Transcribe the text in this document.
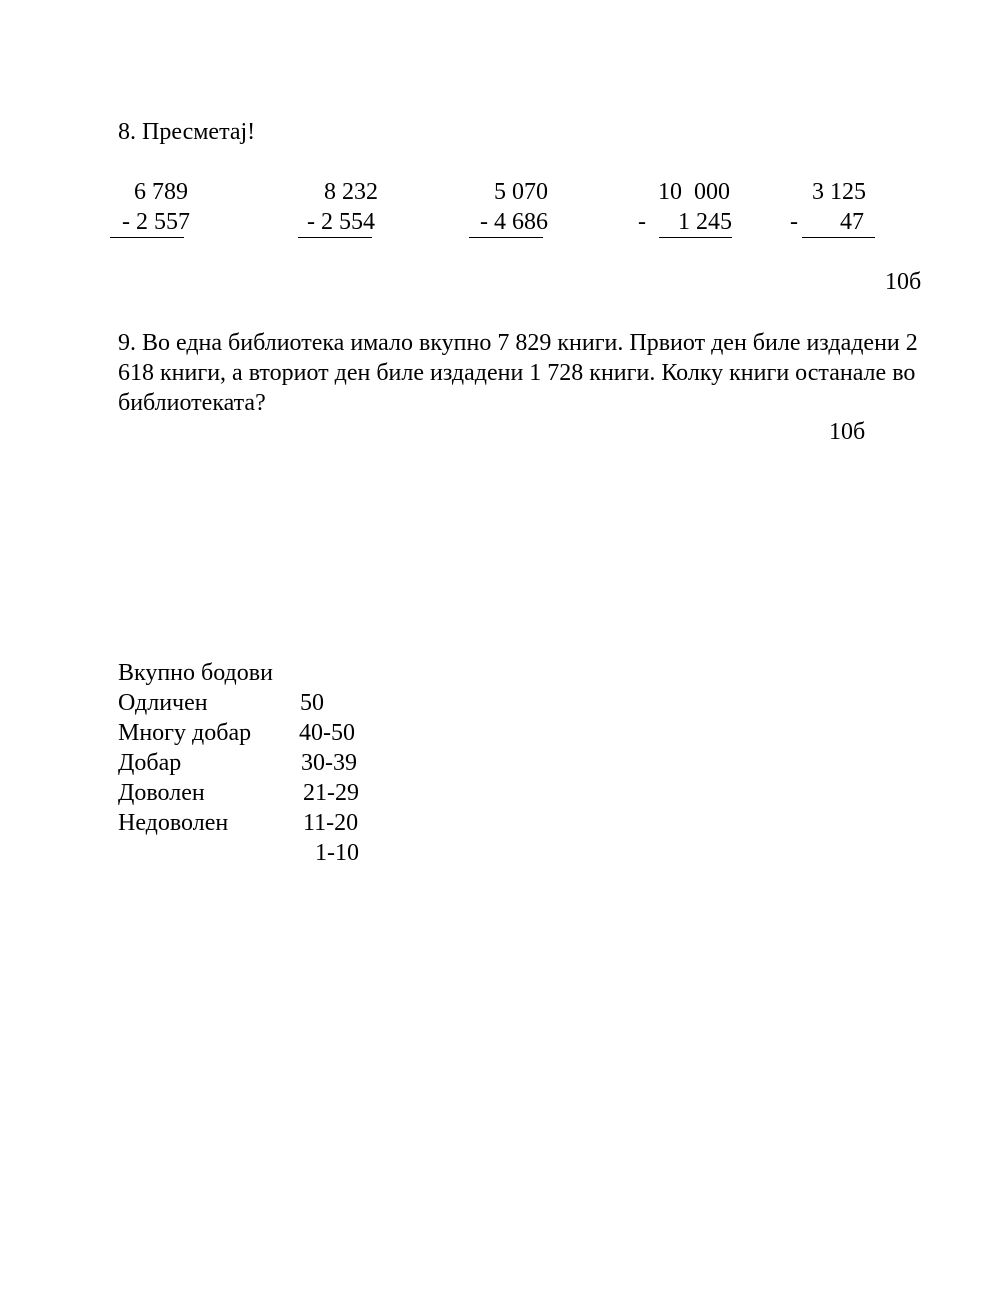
8. Пресметај!
6 789
- 2 557
8 232
- 2 554
5 070
- 4 686
10  000
-	1 245
3 125
-	47
10б
9. Во една библиотека имало вкупно 7 829 книги. Првиот ден биле издадени 2 618 книги, а вториот ден биле издадени 1 728 книги. Колку книги останале во библиотеката?
10б

Вкупно бодови

50

Одличен

40-50

Многу добар

30-39

Добар

21-29

Доволен

11-20

Недоволен

1-10
